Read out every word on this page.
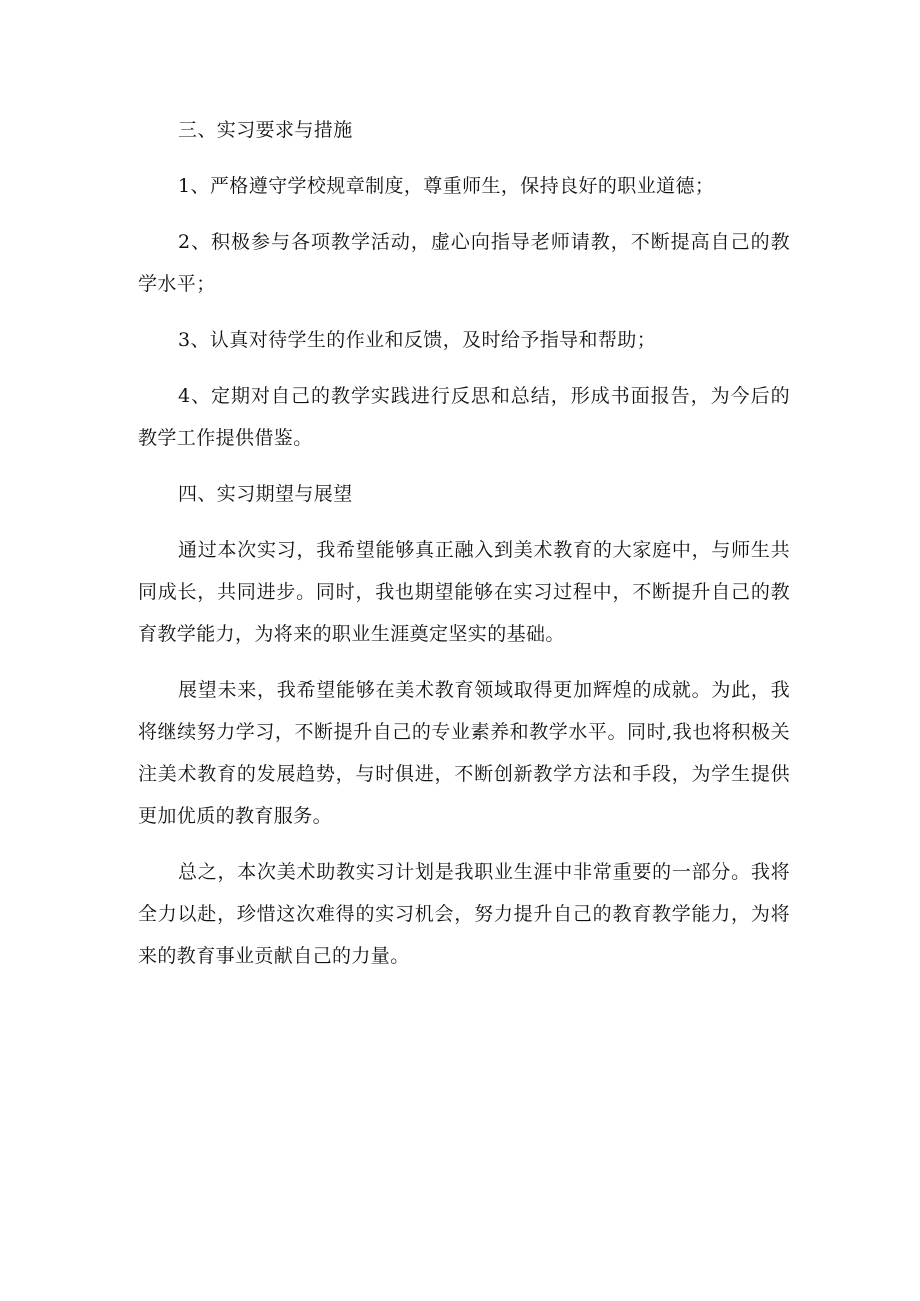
三、实习要求与措施

1、严格遵守学校规章制度，尊重师生，保持良好的职业道德；

2、积极参与各项教学活动，虚心向指导老师请教，不断提高自己的教学水平；

3、认真对待学生的作业和反馈，及时给予指导和帮助；

4、定期对自己的教学实践进行反思和总结，形成书面报告，为今后的教学工作提供借鉴。

四、实习期望与展望

通过本次实习，我希望能够真正融入到美术教育的大家庭中，与师生共同成长，共同进步。同时，我也期望能够在实习过程中，不断提升自己的教育教学能力，为将来的职业生涯奠定坚实的基础。

展望未来，我希望能够在美术教育领域取得更加辉煌的成就。为此，我将继续努力学习，不断提升自己的专业素养和教学水平。同时,我也将积极关注美术教育的发展趋势，与时俱进，不断创新教学方法和手段，为学生提供更加优质的教育服务。

总之，本次美术助教实习计划是我职业生涯中非常重要的一部分。我将全力以赴，珍惜这次难得的实习机会，努力提升自己的教育教学能力，为将来的教育事业贡献自己的力量。
